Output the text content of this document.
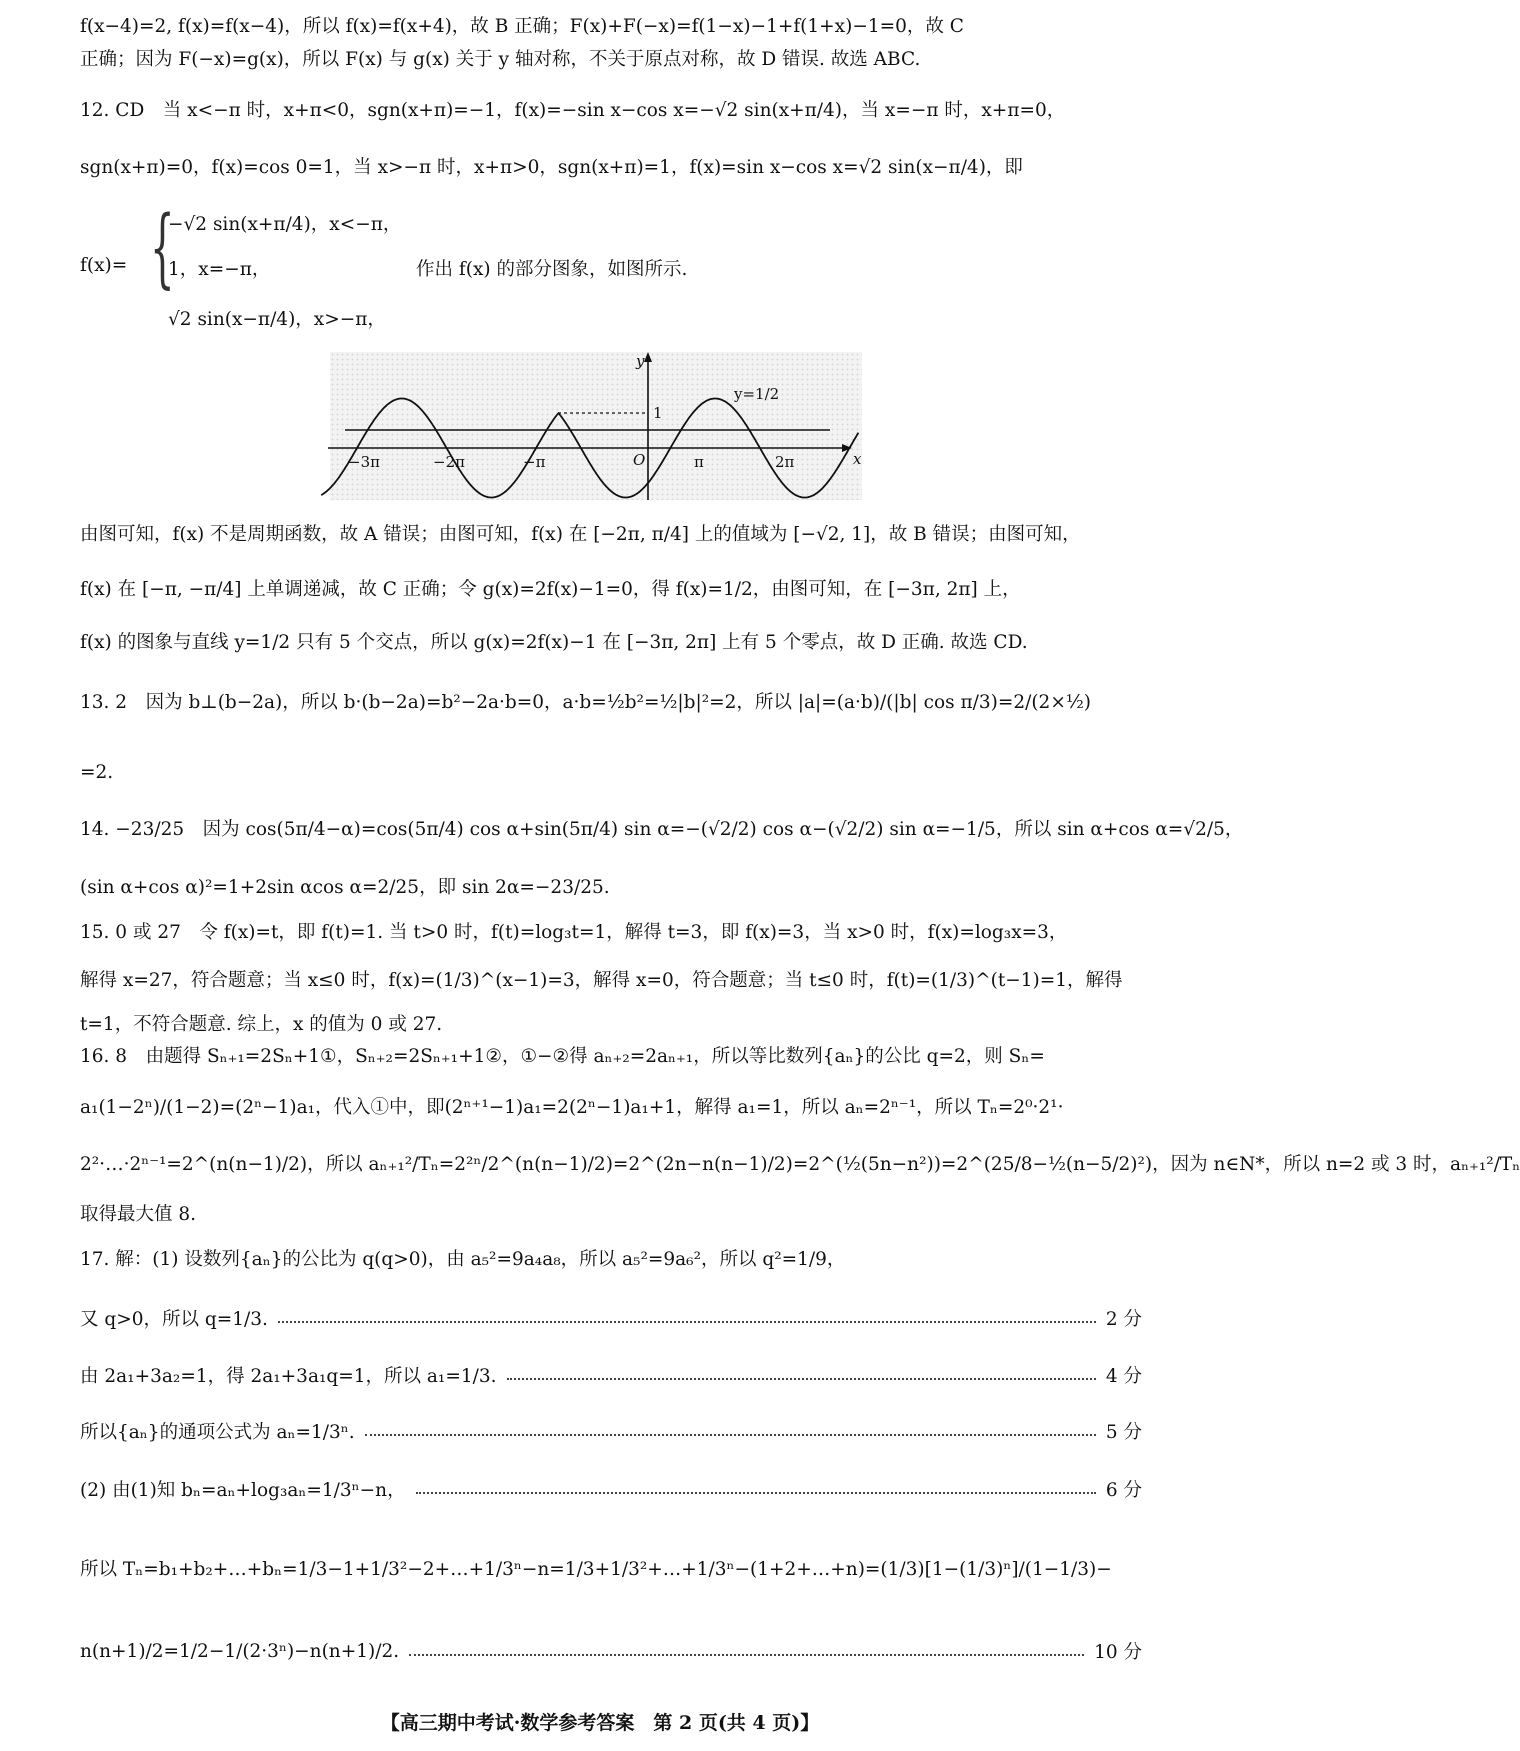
f(x−4)=2, f(x)=f(x−4)，所以 f(x)=f(x+4)，故 B 正确；F(x)+F(−x)=f(1−x)−1+f(1+x)−1=0，故 C
正确；因为 F(−x)=g(x)，所以 F(x) 与 g(x) 关于 y 轴对称，不关于原点对称，故 D 错误. 故选 ABC.
12. CD　当 x<−π 时，x+π<0，sgn(x+π)=−1，f(x)=−sin x−cos x=−√2 sin(x+π/4)，当 x=−π 时，x+π=0，
sgn(x+π)=0，f(x)=cos 0=1，当 x>−π 时，x+π>0，sgn(x+π)=1，f(x)=sin x−cos x=√2 sin(x−π/4)，即
f(x)= {
−√2 sin(x+π/4)，x<−π，
1，x=−π，
√2 sin(x−π/4)，x>−π，
作出 f(x) 的部分图象，如图所示.
y
x
O
1
y=1/2
−3π	−2π	−π	π	2π
由图可知，f(x) 不是周期函数，故 A 错误；由图可知，f(x) 在 [−2π, π/4] 上的值域为 [−√2, 1]，故 B 错误；由图可知，
f(x) 在 [−π, −π/4] 上单调递减，故 C 正确；令 g(x)=2f(x)−1=0，得 f(x)=1/2，由图可知，在 [−3π, 2π] 上，
f(x) 的图象与直线 y=1/2 只有 5 个交点，所以 g(x)=2f(x)−1 在 [−3π, 2π] 上有 5 个零点，故 D 正确. 故选 CD.
13. 2　因为 b⊥(b−2a)，所以 b·(b−2a)=b²−2a·b=0，a·b=½b²=½|b|²=2，所以 |a|=(a·b)/(|b| cos π/3)=2/(2×½)
=2.
14. −23/25　因为 cos(5π/4−α)=cos(5π/4) cos α+sin(5π/4) sin α=−(√2/2) cos α−(√2/2) sin α=−1/5，所以 sin α+cos α=√2/5，
(sin α+cos α)²=1+2sin αcos α=2/25，即 sin 2α=−23/25.
15. 0 或 27　令 f(x)=t，即 f(t)=1. 当 t>0 时，f(t)=log₃t=1，解得 t=3，即 f(x)=3，当 x>0 时，f(x)=log₃x=3，
解得 x=27，符合题意；当 x≤0 时，f(x)=(1/3)^(x−1)=3，解得 x=0，符合题意；当 t≤0 时，f(t)=(1/3)^(t−1)=1，解得
t=1，不符合题意. 综上，x 的值为 0 或 27.
16. 8　由题得 Sₙ₊₁=2Sₙ+1①，Sₙ₊₂=2Sₙ₊₁+1②，①−②得 aₙ₊₂=2aₙ₊₁，所以等比数列{aₙ}的公比 q=2，则 Sₙ=
a₁(1−2ⁿ)/(1−2)=(2ⁿ−1)a₁，代入①中，即(2ⁿ⁺¹−1)a₁=2(2ⁿ−1)a₁+1，解得 a₁=1，所以 aₙ=2ⁿ⁻¹，所以 Tₙ=2⁰·2¹·
2²·…·2ⁿ⁻¹=2^(n(n−1)/2)，所以 aₙ₊₁²/Tₙ=2²ⁿ/2^(n(n−1)/2)=2^(2n−n(n−1)/2)=2^(½(5n−n²))=2^(25/8−½(n−5/2)²)，因为 n∈N*，所以 n=2 或 3 时，aₙ₊₁²/Tₙ
取得最大值 8.
17. 解：(1) 设数列{aₙ}的公比为 q(q>0)，由 a₅²=9a₄a₈，所以 a₅²=9a₆²，所以 q²=1/9，
又 q>0，所以 q=1/3.	2 分
由 2a₁+3a₂=1，得 2a₁+3a₁q=1，所以 a₁=1/3.	4 分
所以{aₙ}的通项公式为 aₙ=1/3ⁿ.	5 分
(2) 由(1)知 bₙ=aₙ+log₃aₙ=1/3ⁿ−n，	6 分
所以 Tₙ=b₁+b₂+…+bₙ=1/3−1+1/3²−2+…+1/3ⁿ−n=1/3+1/3²+…+1/3ⁿ−(1+2+…+n)=(1/3)[1−(1/3)ⁿ]/(1−1/3)−
n(n+1)/2=1/2−1/(2·3ⁿ)−n(n+1)/2.	10 分
【高三期中考试·数学参考答案　第 2 页(共 4 页)】
